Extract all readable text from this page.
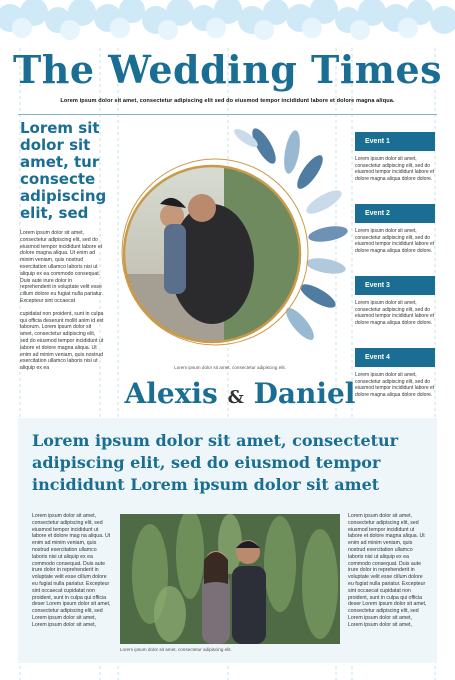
The Wedding Times
Lorem ipsum dolor sit amet, consectetur adipiscing elit sed do eiusmod tempor incididunt labore et dolore magna aliqua.
Lorem sit dolor sit amet, tur consecte adipiscing elit, sed

Lorem ipsum dolor sit amet, consectetur adipiscing elit, sed do eiusmod tempor incididunt labore et dolore magna aliqua. Ut enim ad minim veniam, quis nostrud exercitation ullamco laboris nisi ut aliquip ex ea commodo consequat. Duis aute irure dolor in reprehenderit in voluptate velit esse cillum dolore eu fugiat nulla pariatur. Excepteur sint occaecat

cupidatat non proident, sunt in culpa qui officia deserunt mollit anim id est laborum. Lorem ipsum dolor sit amet, consectetur adipiscing elit, sed do eiusmod tempor incididunt ut labore et dolore magna aliqua. Ut enim ad minim veniam, quis nostrud exercitation ullamco laboris nisi ut aliquip ex ea	Lorem ipsum dolor sit amet, consectetur adipiscing elit.
Alexis & Daniel
Event 1
Lorem ipsum dolor sit amet, consectetur adipiscing elit, sed do eiusmod tempor incididunt labore et dolore magna aliqua dolore dolore.
Event 2
Lorem ipsum dolor sit amet, consectetur adipiscing elit, sed do eiusmod tempor incididunt labore et dolore magna aliqua dolore dolore.
Event 3
Lorem ipsum dolor sit amet, consectetur adipiscing elit, sed do eiusmod tempor incididunt labore et dolore magna aliqua dolore dolore.
Event 4
Lorem ipsum dolor sit amet, consectetur adipiscing elit, sed do eiusmod tempor incididunt labore et dolore magna aliqua dolore dolore.
Lorem ipsum dolor sit amet, consectetur adipiscing elit, sed do eiusmod tempor incididunt Lorem ipsum dolor sit amet

Lorem ipsum dolor sit amet, consectetur adipiscing elit, sed eiusmod tempor incididunt ut labore et dolore mag na aliqua. Ut enim ad minim veniam, quis nostrud exercitation ullamco laboris nisi ut aliquip ex ea commodo consequat. Duis aute irure dolor in reprehenderit in voluptate velit esse cillum dolore eu fugiat nulla pariatur. Excepteur sint occaecat cupidatat non proident, sunt in culpa qui officia deser Lorem ipsum dolor sit amet, consectetur adipiscing elit, sed Lorem ipsum dolor sit amet, Lorem ipsum dolor sit amet,

Lorem ipsum dolor sit amet, consectetur adipiscing elit.

Lorem ipsum dolor sit amet, consectetur adipiscing elit, sed eiusmod tempor incididunt ut labore et dolore magna aliqua. Ut enim ad minim veniam, quis nostrud exercitation ullamco laboris nisi ut aliquip ex ea commodo consequat. Duis aute irure dolor in reprehenderit in voluptate velit esse cillum dolore eu fugiat nulla pariatur. Excepteur sint occaecat cupidatat non proident, sunt in culpa qui officia deser Lorem ipsum dolor sit amet, consectetur adipiscing elit, sed Lorem ipsum dolor sit amet, Lorem ipsum dolor sit amet,
